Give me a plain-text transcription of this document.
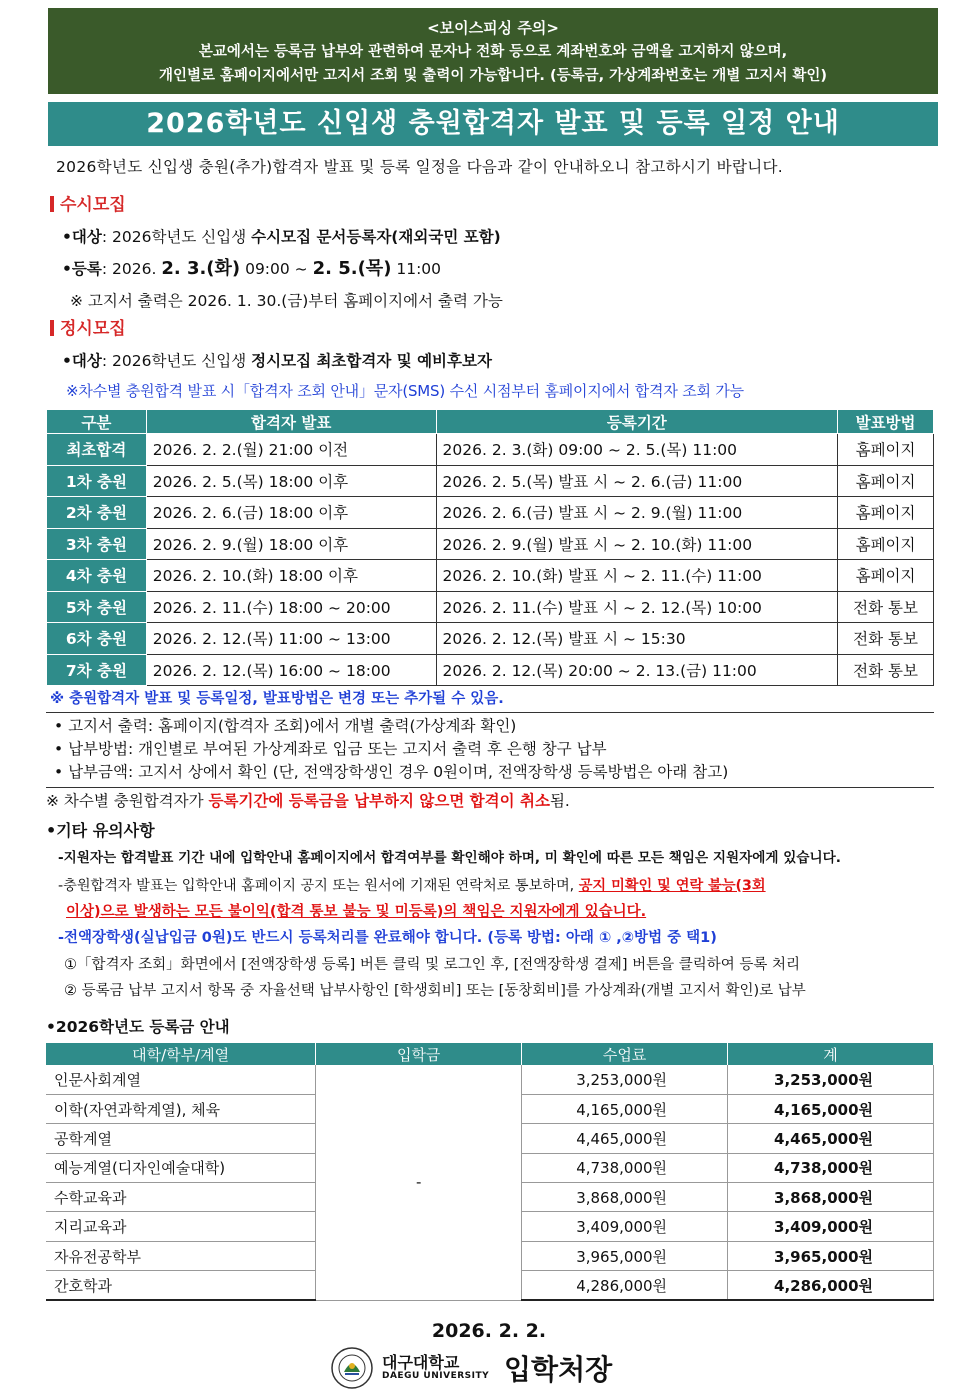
<보이스피싱 주의>
본교에서는 등록금 납부와 관련하여 문자나 전화 등으로 계좌번호와 금액을 고지하지 않으며,
개인별로 홈페이지에서만 고지서 조회 및 출력이 가능합니다. (등록금, 가상계좌번호는 개별 고지서 확인)
2026학년도 신입생 충원합격자 발표 및 등록 일정 안내
2026학년도 신입생 충원(추가)합격자 발표 및 등록 일정을 다음과 같이 안내하오니 참고하시기 바랍니다.
수시모집
•대상: 2026학년도 신입생 수시모집 문서등록자(재외국민 포함)
•등록: 2026. 2. 3.(화) 09:00 ~ 2. 5.(목) 11:00
※ 고지서 출력은 2026. 1. 30.(금)부터 홈페이지에서 출력 가능
정시모집
•대상: 2026학년도 신입생 정시모집 최초합격자 및 예비후보자
※차수별 충원합격 발표 시「합격자 조회 안내」문자(SMS) 수신 시점부터 홈페이지에서 합격자 조회 가능
구분	합격자 발표	등록기간	발표방법
최초합격	2026. 2. 2.(월) 21:00 이전	2026. 2. 3.(화) 09:00 ~ 2. 5.(목) 11:00	홈페이지
1차 충원	2026. 2. 5.(목) 18:00 이후	2026. 2. 5.(목) 발표 시 ~ 2. 6.(금) 11:00	홈페이지
2차 충원	2026. 2. 6.(금) 18:00 이후	2026. 2. 6.(금) 발표 시 ~ 2. 9.(월) 11:00	홈페이지
3차 충원	2026. 2. 9.(월) 18:00 이후	2026. 2. 9.(월) 발표 시 ~ 2. 10.(화) 11:00	홈페이지
4차 충원	2026. 2. 10.(화) 18:00 이후	2026. 2. 10.(화) 발표 시 ~ 2. 11.(수) 11:00	홈페이지
5차 충원	2026. 2. 11.(수) 18:00 ~ 20:00	2026. 2. 11.(수) 발표 시 ~ 2. 12.(목) 10:00	전화 통보
6차 충원	2026. 2. 12.(목) 11:00 ~ 13:00	2026. 2. 12.(목) 발표 시 ~ 15:30	전화 통보
7차 충원	2026. 2. 12.(목) 16:00 ~ 18:00	2026. 2. 12.(목) 20:00 ~ 2. 13.(금) 11:00	전화 통보
※ 충원합격자 발표 및 등록일정, 발표방법은 변경 또는 추가될 수 있음.
• 고지서 출력: 홈페이지(합격자 조회)에서 개별 출력(가상계좌 확인)
• 납부방법: 개인별로 부여된 가상계좌로 입금 또는 고지서 출력 후 은행 창구 납부
• 납부금액: 고지서 상에서 확인 (단, 전액장학생인 경우 0원이며, 전액장학생 등록방법은 아래 참고)
※ 차수별 충원합격자가 등록기간에 등록금을 납부하지 않으면 합격이 취소됨.
•기타 유의사항
-지원자는 합격발표 기간 내에 입학안내 홈페이지에서 합격여부를 확인해야 하며, 미 확인에 따른 모든 책임은 지원자에게 있습니다.
-충원합격자 발표는 입학안내 홈페이지 공지 또는 원서에 기재된 연락처로 통보하며, 공지 미확인 및 연락 불능(3회
이상)으로 발생하는 모든 불이익(합격 통보 불능 및 미등록)의 책임은 지원자에게 있습니다.
-전액장학생(실납입금 0원)도 반드시 등록처리를 완료해야 합니다. (등록 방법: 아래 ① ,②방법 중 택1)
①「합격자 조회」화면에서 [전액장학생 등록] 버튼 클릭 및 로그인 후, [전액장학생 결제] 버튼을 클릭하여 등록 처리
② 등록금 납부 고지서 항목 중 자율선택 납부사항인 [학생회비] 또는 [동창회비]를 가상계좌(개별 고지서 확인)로 납부
•2026학년도 등록금 안내
대학/학부/계열	입학금	수업료	계
인문사회계열	-	3,253,000원	3,253,000원
이학(자연과학계열), 체육		4,165,000원	4,165,000원
공학계열		4,465,000원	4,465,000원
예능계열(디자인예술대학)		4,738,000원	4,738,000원
수학교육과		3,868,000원	3,868,000원
지리교육과		3,409,000원	3,409,000원
자유전공학부		3,965,000원	3,965,000원
간호학과		4,286,000원	4,286,000원
2026. 2. 2.
대구대학교
DAEGU UNIVERSITY 입학처장
